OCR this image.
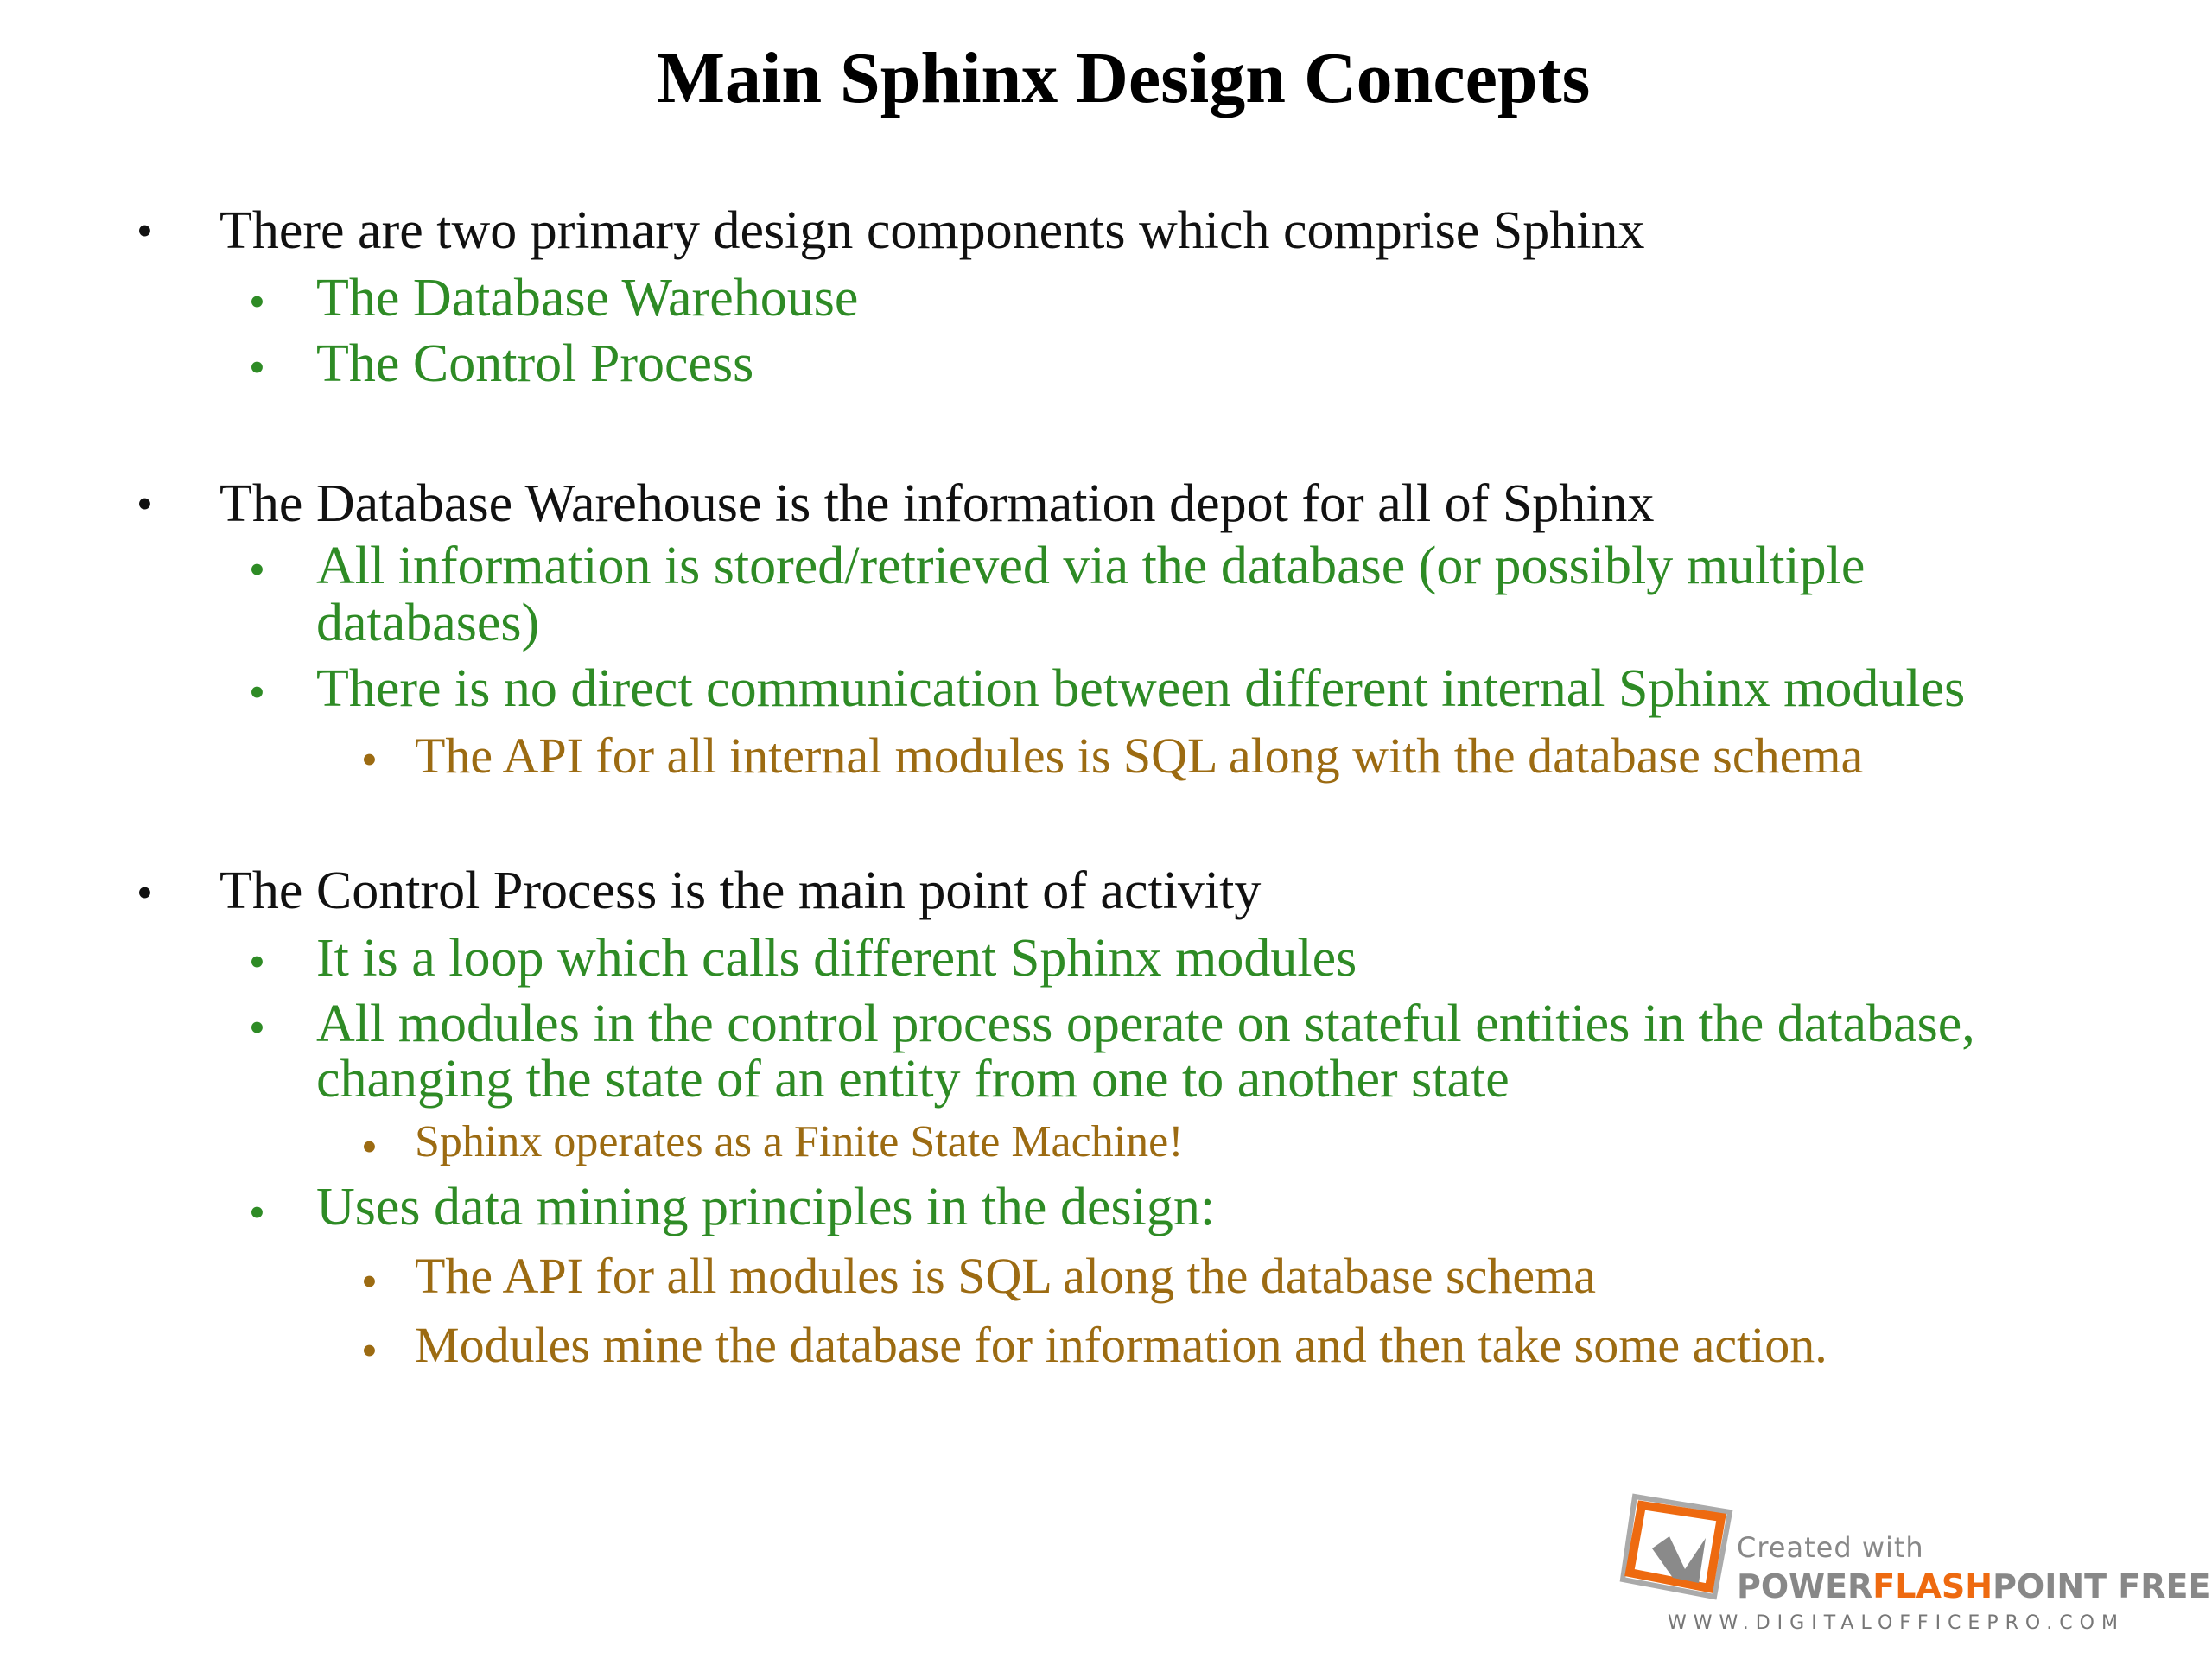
Main Sphinx Design Concepts
• There are two primary design components which comprise Sphinx
• The Database Warehouse
• The Control Process
• The Database Warehouse is the information depot for all of Sphinx
• All information is stored/retrieved via the database (or possibly multiple
databases)
• There is no direct communication between different internal Sphinx modules
• The API for all internal modules is SQL along with the database schema
• The Control Process is the main point of activity
• It is a loop which calls different Sphinx modules
• All modules in the control process operate on stateful entities in the database,
changing the state of an entity from one to another state
• Sphinx operates as a Finite State Machine!
• Uses data mining principles in the design:
• The API for all modules is SQL along the database schema
• Modules mine the database for information and then take some action.
Created with
POWERFLASHPOINT FREE
WWW.DIGITALOFFICEPRO.COM
